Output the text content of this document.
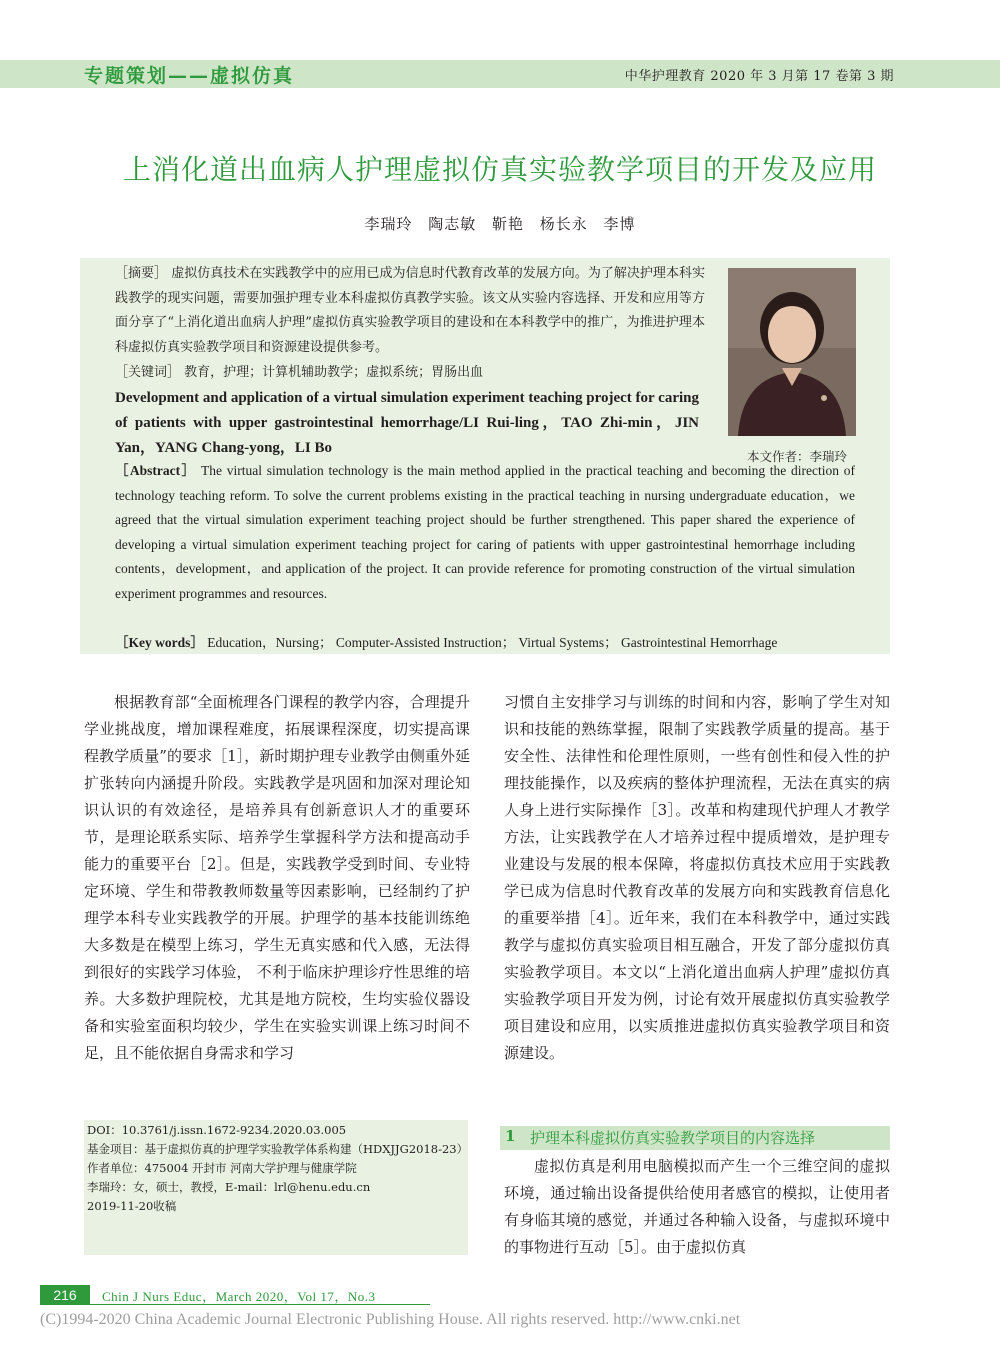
专题策划——虚拟仿真	中华护理教育 2020 年 3 月第 17 卷第 3 期
上消化道出血病人护理虚拟仿真实验教学项目的开发及应用
李瑞玲 陶志敏 靳艳 杨长永 李博
［摘要］ 虚拟仿真技术在实践教学中的应用已成为信息时代教育改革的发展方向。为了解决护理本科实践教学的现实问题，需要加强护理专业本科虚拟仿真教学实验。该文从实验内容选择、开发和应用等方面分享了“上消化道出血病人护理”虚拟仿真实验教学项目的建设和在本科教学中的推广，为推进护理本科虚拟仿真实验教学项目和资源建设提供参考。
［关键词］ 教育，护理；计算机辅助教学；虚拟系统；胃肠出血
Development and application of a virtual simulation experiment teaching project for caring of patients with upper gastrointestinal hemorrhage/LI Rui-ling，TAO Zhi-min，JIN Yan，YANG Chang-yong，LI Bo
［Abstract］ The virtual simulation technology is the main method applied in the practical teaching and becoming the direction of technology teaching reform. To solve the current problems existing in the practical teaching in nursing undergraduate education，we agreed that the virtual simulation experiment teaching project should be further strengthened. This paper shared the experience of developing a virtual simulation experiment teaching project for caring of patients with upper gastrointestinal hemorrhage including contents，development，and application of the project. It can provide reference for promoting construction of the virtual simulation experiment programmes and resources.
［Key words］ Education，Nursing； Computer-Assisted Instruction； Virtual Systems； Gastrointestinal Hemorrhage
本文作者：李瑞玲
根据教育部“全面梳理各门课程的教学内容，合理提升学业挑战度，增加课程难度，拓展课程深度，切实提高课程教学质量”的要求［1］，新时期护理专业教学由侧重外延扩张转向内涵提升阶段。实践教学是巩固和加深对理论知识认识的有效途径，是培养具有创新意识人才的重要环节，是理论联系实际、培养学生掌握科学方法和提高动手能力的重要平台［2］。但是，实践教学受到时间、专业特定环境、学生和带教教师数量等因素影响，已经制约了护理学本科专业实践教学的开展。护理学的基本技能训练绝大多数是在模型上练习，学生无真实感和代入感，无法得到很好的实践学习体验， 不利于临床护理诊疗性思维的培养。大多数护理院校，尤其是地方院校，生均实验仪器设备和实验室面积均较少，学生在实验实训课上练习时间不足，且不能依据自身需求和学习
习惯自主安排学习与训练的时间和内容，影响了学生对知识和技能的熟练掌握，限制了实践教学质量的提高。基于安全性、法律性和伦理性原则，一些有创性和侵入性的护理技能操作，以及疾病的整体护理流程，无法在真实的病人身上进行实际操作［3］。改革和构建现代护理人才教学方法，让实践教学在人才培养过程中提质增效，是护理专业建设与发展的根本保障，将虚拟仿真技术应用于实践教学已成为信息时代教育改革的发展方向和实践教育信息化的重要举措［4］。近年来，我们在本科教学中，通过实践教学与虚拟仿真实验项目相互融合，开发了部分虚拟仿真实验教学项目。本文以“上消化道出血病人护理”虚拟仿真实验教学项目开发为例，讨论有效开展虚拟仿真实验教学项目建设和应用，以实质推进虚拟仿真实验教学项目和资源建设。
DOI：10.3761/j.issn.1672-9234.2020.03.005
基金项目：基于虚拟仿真的护理学实验教学体系构建（HDXJJG2018-23）
作者单位：475004 开封市 河南大学护理与健康学院
李瑞玲：女，硕士，教授，E-mail：lrl@henu.edu.cn
2019-11-20收稿
1 护理本科虚拟仿真实验教学项目的内容选择
虚拟仿真是利用电脑模拟而产生一个三维空间的虚拟环境，通过输出设备提供给使用者感官的模拟，让使用者有身临其境的感觉，并通过各种输入设备，与虚拟环境中的事物进行互动［5］。由于虚拟仿真
216	Chin J Nurs Educ，March 2020，Vol 17，No.3
(C)1994-2020 China Academic Journal Electronic Publishing House. All rights reserved. http://www.cnki.net
